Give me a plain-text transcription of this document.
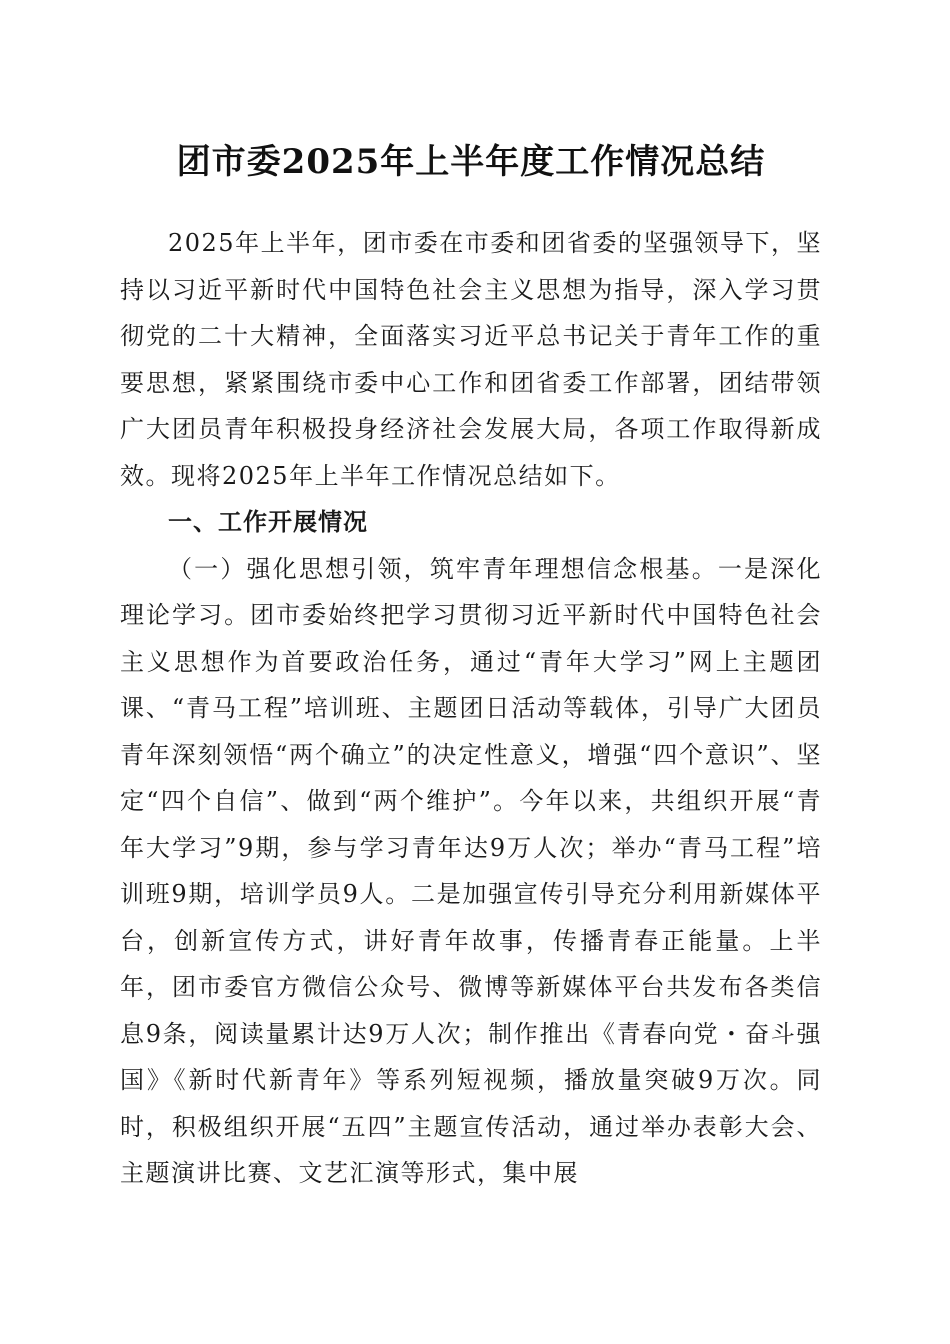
团市委2025年上半年度工作情况总结

2025年上半年，团市委在市委和团省委的坚强领导下，坚持以习近平新时代中国特色社会主义思想为指导，深入学习贯彻党的二十大精神，全面落实习近平总书记关于青年工作的重要思想，紧紧围绕市委中心工作和团省委工作部署，团结带领广大团员青年积极投身经济社会发展大局，各项工作取得新成效。现将2025年上半年工作情况总结如下。

一、工作开展情况

（一）强化思想引领，筑牢青年理想信念根基。一是深化理论学习。团市委始终把学习贯彻习近平新时代中国特色社会主义思想作为首要政治任务，通过“青年大学习”网上主题团课、“青马工程”培训班、主题团日活动等载体，引导广大团员青年深刻领悟“两个确立”的决定性意义，增强“四个意识”、坚定“四个自信”、做到“两个维护”。今年以来，共组织开展“青年大学习”9期，参与学习青年达9万人次；举办“青马工程”培训班9期，培训学员9人。二是加强宣传引导充分利用新媒体平台，创新宣传方式，讲好青年故事，传播青春正能量。上半年，团市委官方微信公众号、微博等新媒体平台共发布各类信息9条，阅读量累计达9万人次；制作推出《青春向党・奋斗强国》《新时代新青年》等系列短视频，播放量突破9万次。同时，积极组织开展“五四”主题宣传活动，通过举办表彰大会、主题演讲比赛、文艺汇演等形式，集中展
